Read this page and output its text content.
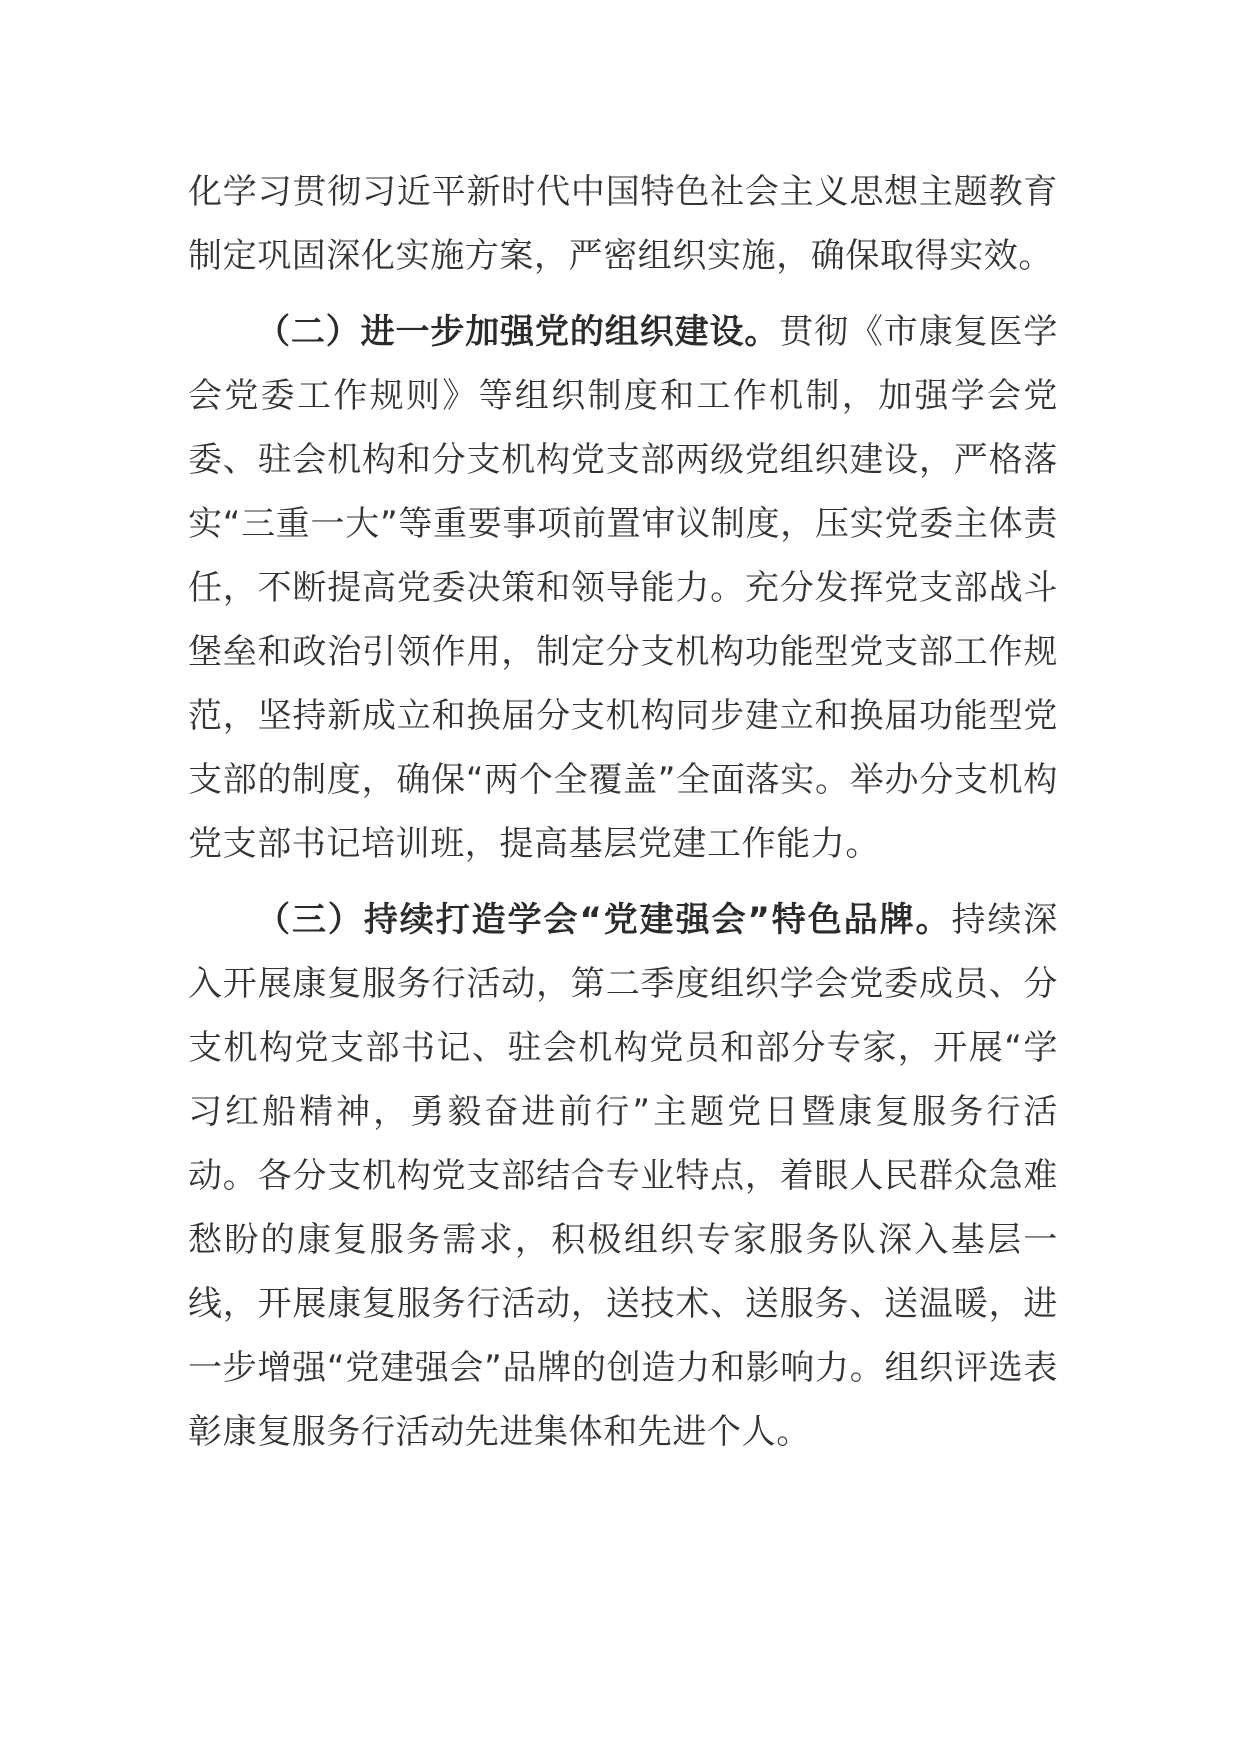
化学习贯彻习近平新时代中国特色社会主义思想主题教育制定巩固深化实施方案，严密组织实施，确保取得实效。

（二）进一步加强党的组织建设。贯彻《市康复医学会党委工作规则》等组织制度和工作机制，加强学会党委、驻会机构和分支机构党支部两级党组织建设，严格落实“三重一大”等重要事项前置审议制度，压实党委主体责任，不断提高党委决策和领导能力。充分发挥党支部战斗堡垒和政治引领作用，制定分支机构功能型党支部工作规范，坚持新成立和换届分支机构同步建立和换届功能型党支部的制度，确保“两个全覆盖”全面落实。举办分支机构党支部书记培训班，提高基层党建工作能力。

（三）持续打造学会“党建强会”特色品牌。持续深入开展康复服务行活动，第二季度组织学会党委成员、分支机构党支部书记、驻会机构党员和部分专家，开展“学习红船精神，勇毅奋进前行”主题党日暨康复服务行活动。各分支机构党支部结合专业特点，着眼人民群众急难愁盼的康复服务需求，积极组织专家服务队深入基层一线，开展康复服务行活动，送技术、送服务、送温暖，进一步增强“党建强会”品牌的创造力和影响力。组织评选表彰康复服务行活动先进集体和先进个人。
